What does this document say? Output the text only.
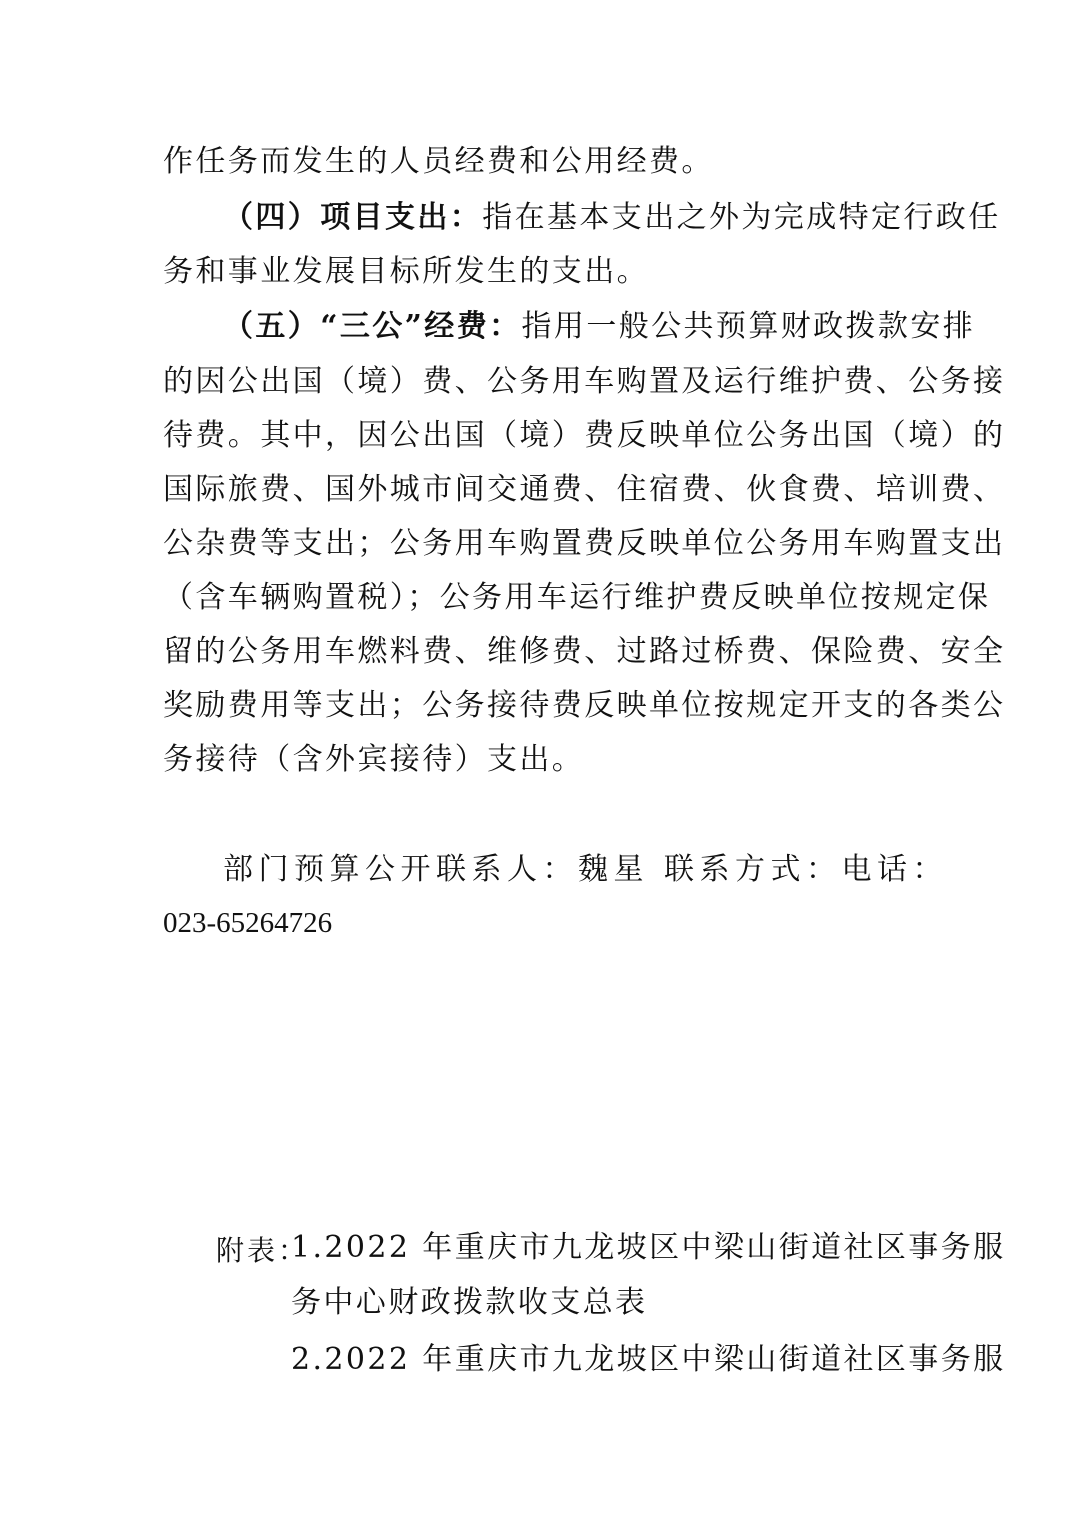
作任务而发生的人员经费和公用经费。
（四）项目支出：指在基本支出之外为完成特定行政任
务和事业发展目标所发生的支出。
（五）“三公”经费：指用一般公共预算财政拨款安排
的因公出国（境）费、公务用车购置及运行维护费、公务接
待费。其中，因公出国（境）费反映单位公务出国（境）的
国际旅费、国外城市间交通费、住宿费、伙食费、培训费、
公杂费等支出；公务用车购置费反映单位公务用车购置支出
（含车辆购置税）；公务用车运行维护费反映单位按规定保
留的公务用车燃料费、维修费、过路过桥费、保险费、安全
奖励费用等支出；公务接待费反映单位按规定开支的各类公
务接待（含外宾接待）支出。
部门预算公开联系人：魏星 联系方式：电话：
023-65264726
附表：
1.2022 年重庆市九龙坡区中梁山街道社区事务服
务中心财政拨款收支总表
2.2022 年重庆市九龙坡区中梁山街道社区事务服
